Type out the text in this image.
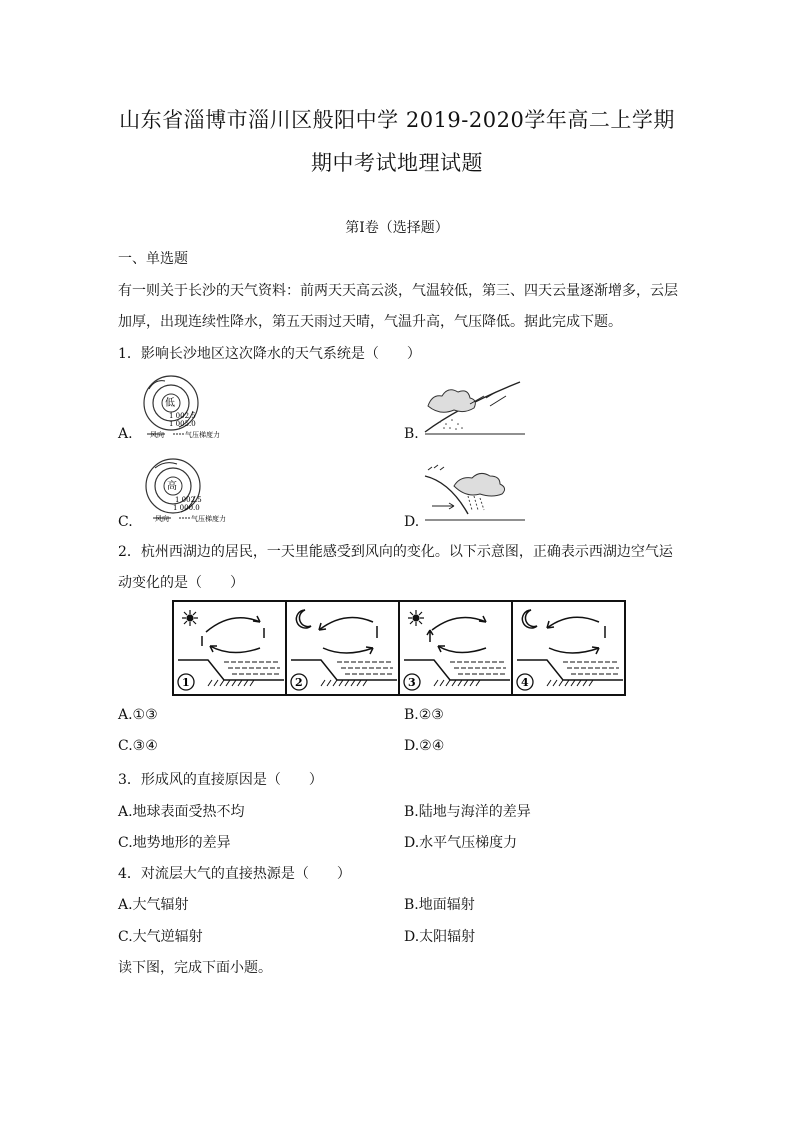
山东省淄博市淄川区般阳中学 2019-2020学年高二上学期
期中考试地理试题
第Ⅰ卷（选择题）
一、单选题
有一则关于长沙的天气资料：前两天天高云淡，气温较低，第三、四天云量逐渐增多，云层
加厚，出现连续性降水，第五天雨过天晴，气温升高，气压降低。据此完成下题。
1．影响长沙地区这次降水的天气系统是（　　）
A.
低
1 002.5
1 005.0
风向	气压梯度力	B.
C.
高
1 002.5
1 000.0
风向	气压梯度力	D.
2．杭州西湖边的居民，一天里能感受到风向的变化。以下示意图，正确表示西湖边空气运
动变化的是（　　）
1	2	3	4
A.①③	B.②③
C.③④	D.②④
3．形成风的直接原因是（　　）
A.地球表面受热不均	B.陆地与海洋的差异
C.地势地形的差异	D.水平气压梯度力
4．对流层大气的直接热源是（　　）
A.大气辐射	B.地面辐射
C.大气逆辐射	D.太阳辐射
读下图，完成下面小题。
